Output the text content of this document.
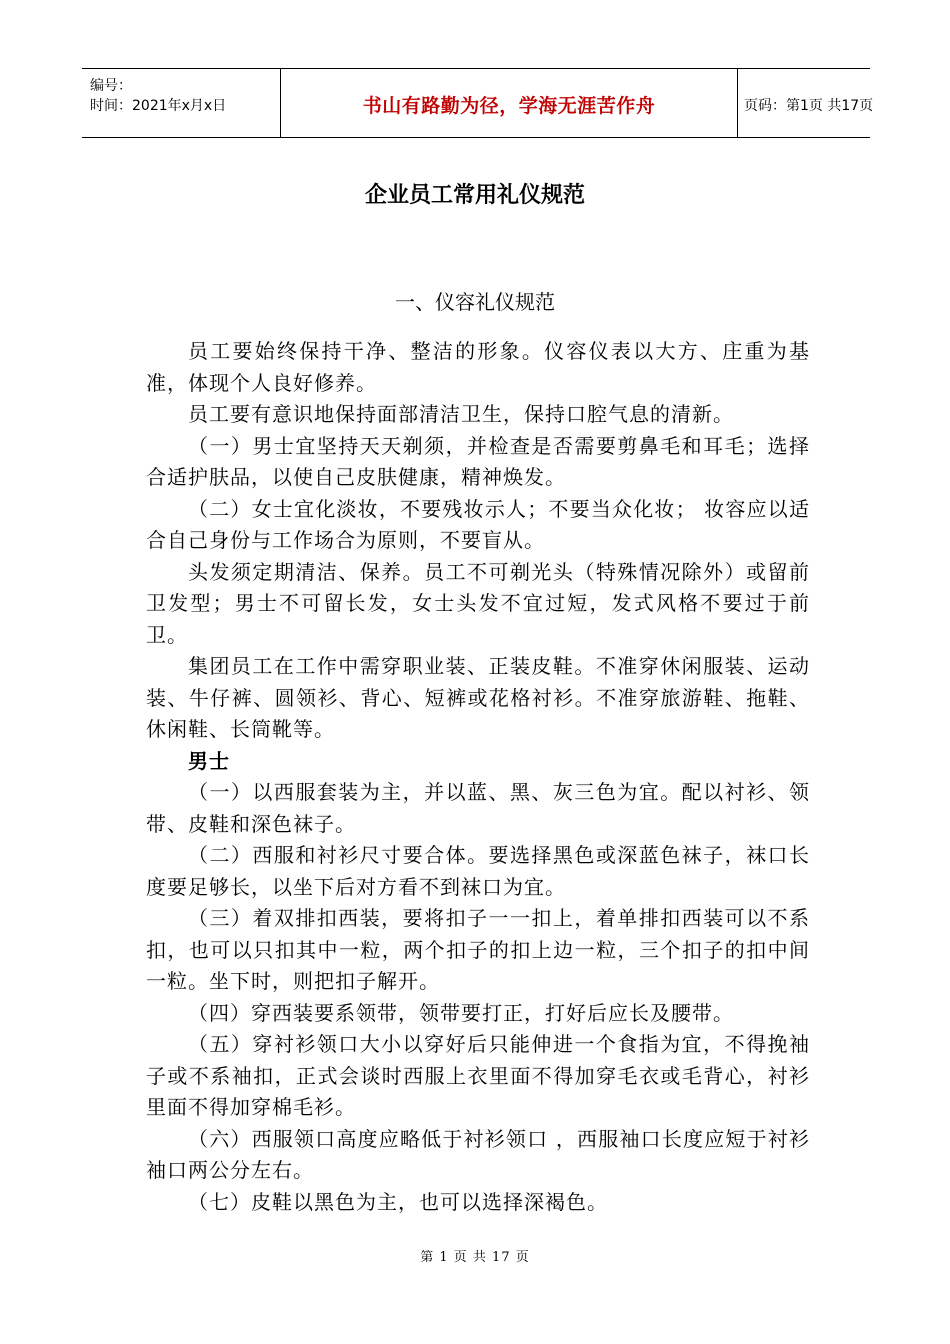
编号：
时间：2021年x月x日	书山有路勤为径，学海无涯苦作舟	页码：第1页 共17页
企业员工常用礼仪规范
一、仪容礼仪规范

员工要始终保持干净、整洁的形象。仪容仪表以大方、庄重为基准，体现个人良好修养。

员工要有意识地保持面部清洁卫生，保持口腔气息的清新。

（一）男士宜坚持天天剃须，并检查是否需要剪鼻毛和耳毛；选择合适护肤品，以使自己皮肤健康，精神焕发。

（二）女士宜化淡妆，不要残妆示人；不要当众化妆； 妆容应以适合自己身份与工作场合为原则，不要盲从。

头发须定期清洁、保养。员工不可剃光头（特殊情况除外）或留前卫发型；男士不可留长发，女士头发不宜过短，发式风格不要过于前卫。

集团员工在工作中需穿职业装、正装皮鞋。不准穿休闲服装、运动装、牛仔裤、圆领衫、背心、短裤或花格衬衫。不准穿旅游鞋、拖鞋、休闲鞋、长筒靴等。

男士

（一）以西服套装为主，并以蓝、黑、灰三色为宜。配以衬衫、领带、皮鞋和深色袜子。

（二）西服和衬衫尺寸要合体。要选择黑色或深蓝色袜子，袜口长度要足够长，以坐下后对方看不到袜口为宜。

（三）着双排扣西装，要将扣子一一扣上，着单排扣西装可以不系扣，也可以只扣其中一粒，两个扣子的扣上边一粒，三个扣子的扣中间一粒。坐下时，则把扣子解开。

（四）穿西装要系领带，领带要打正，打好后应长及腰带。

（五）穿衬衫领口大小以穿好后只能伸进一个食指为宜，不得挽袖子或不系袖扣，正式会谈时西服上衣里面不得加穿毛衣或毛背心，衬衫里面不得加穿棉毛衫。

（六）西服领口高度应略低于衬衫领口 ，西服袖口长度应短于衬衫袖口两公分左右。

（七）皮鞋以黑色为主，也可以选择深褐色。

第 1 页 共 17 页
